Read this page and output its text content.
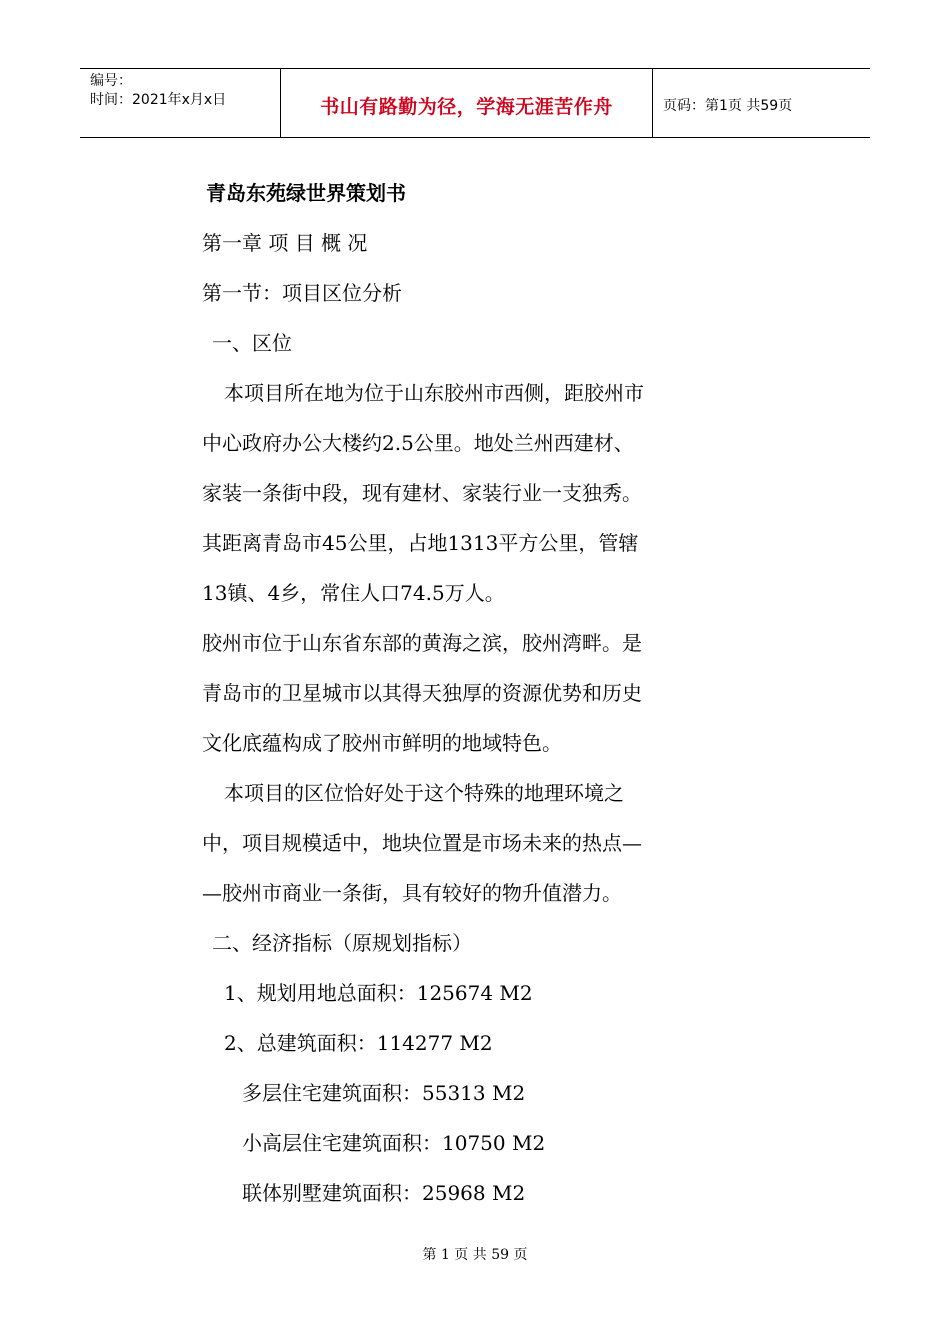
编号：
时间：2021年x月x日	书山有路勤为径，学海无涯苦作舟	页码：第1页 共59页
青岛东苑绿世界策划书
第一章 项 目 概 况
第一节：项目区位分析
一、区位
本项目所在地为位于山东胶州市西侧，距胶州市
中心政府办公大楼约2.5公里。地处兰州西建材、
家装一条街中段，现有建材、家装行业一支独秀。
其距离青岛市45公里，占地1313平方公里，管辖
13镇、4乡，常住人口74.5万人。
胶州市位于山东省东部的黄海之滨，胶州湾畔。是
青岛市的卫星城市以其得天独厚的资源优势和历史
文化底蕴构成了胶州市鲜明的地域特色。
本项目的区位恰好处于这个特殊的地理环境之
中，项目规模适中，地块位置是市场未来的热点—
—胶州市商业一条街，具有较好的物升值潜力。
二、经济指标（原规划指标）
1、规划用地总面积：125674 M2
2、总建筑面积：114277 M2
多层住宅建筑面积：55313 M2
小高层住宅建筑面积：10750 M2
联体别墅建筑面积：25968 M2
第 1 页 共 59 页
